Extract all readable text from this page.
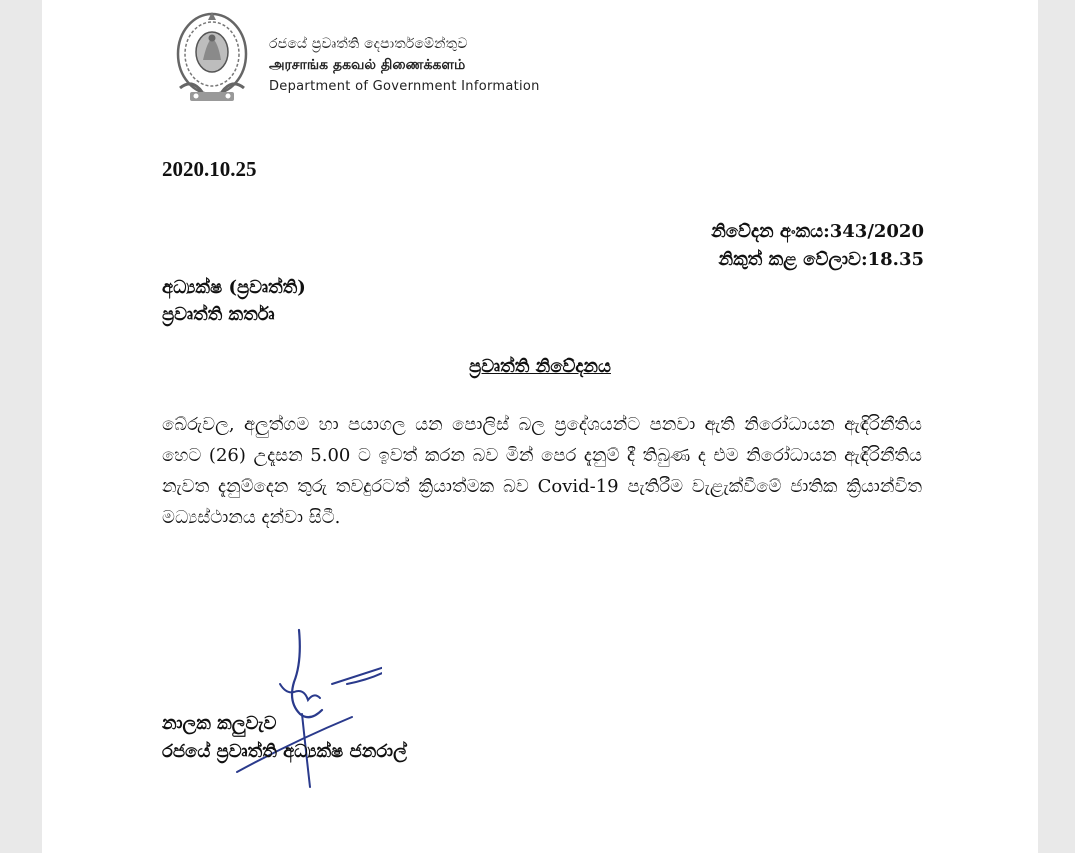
රජයේ ප්‍රවෘත්ති දෙපාර්තමේන්තුව
அரசாங்க தகவல் திணைக்களம்
Department of Government Information
2020.10.25
නිවේදන අංකය:343/2020
නිකුත් කළ වේලාව:18.35
අධ්‍යක්ෂ (ප්‍රවෘත්ති)
ප්‍රවෘත්ති කර්තෘ
ප්‍රවෘත්ති නිවේදනය
බේරුවල, අලුත්ගම හා පයාගල යන පොලිස් බල ප්‍රදේශයන්ට පනවා ඇති නිරෝධායන ඇඳිරිනීතිය හෙට (26) උදෑසන 5.00 ට ඉවත් කරන බව මින් පෙර දැනුම් දී තිබුණ ද එම නිරෝධායන ඇඳිරිනීතිය නැවත දැනුම්දෙන තුරු තවදුරටත් ක්‍රියාත්මක බව Covid-19 පැතිරීම වැළැක්වීමේ ජාතික ක්‍රියාන්විත මධ්‍යස්ථානය දන්වා සිටී.
නාලක කලුවැව
රජයේ ප්‍රවෘත්ති අධ්‍යක්ෂ ජනරාල්
